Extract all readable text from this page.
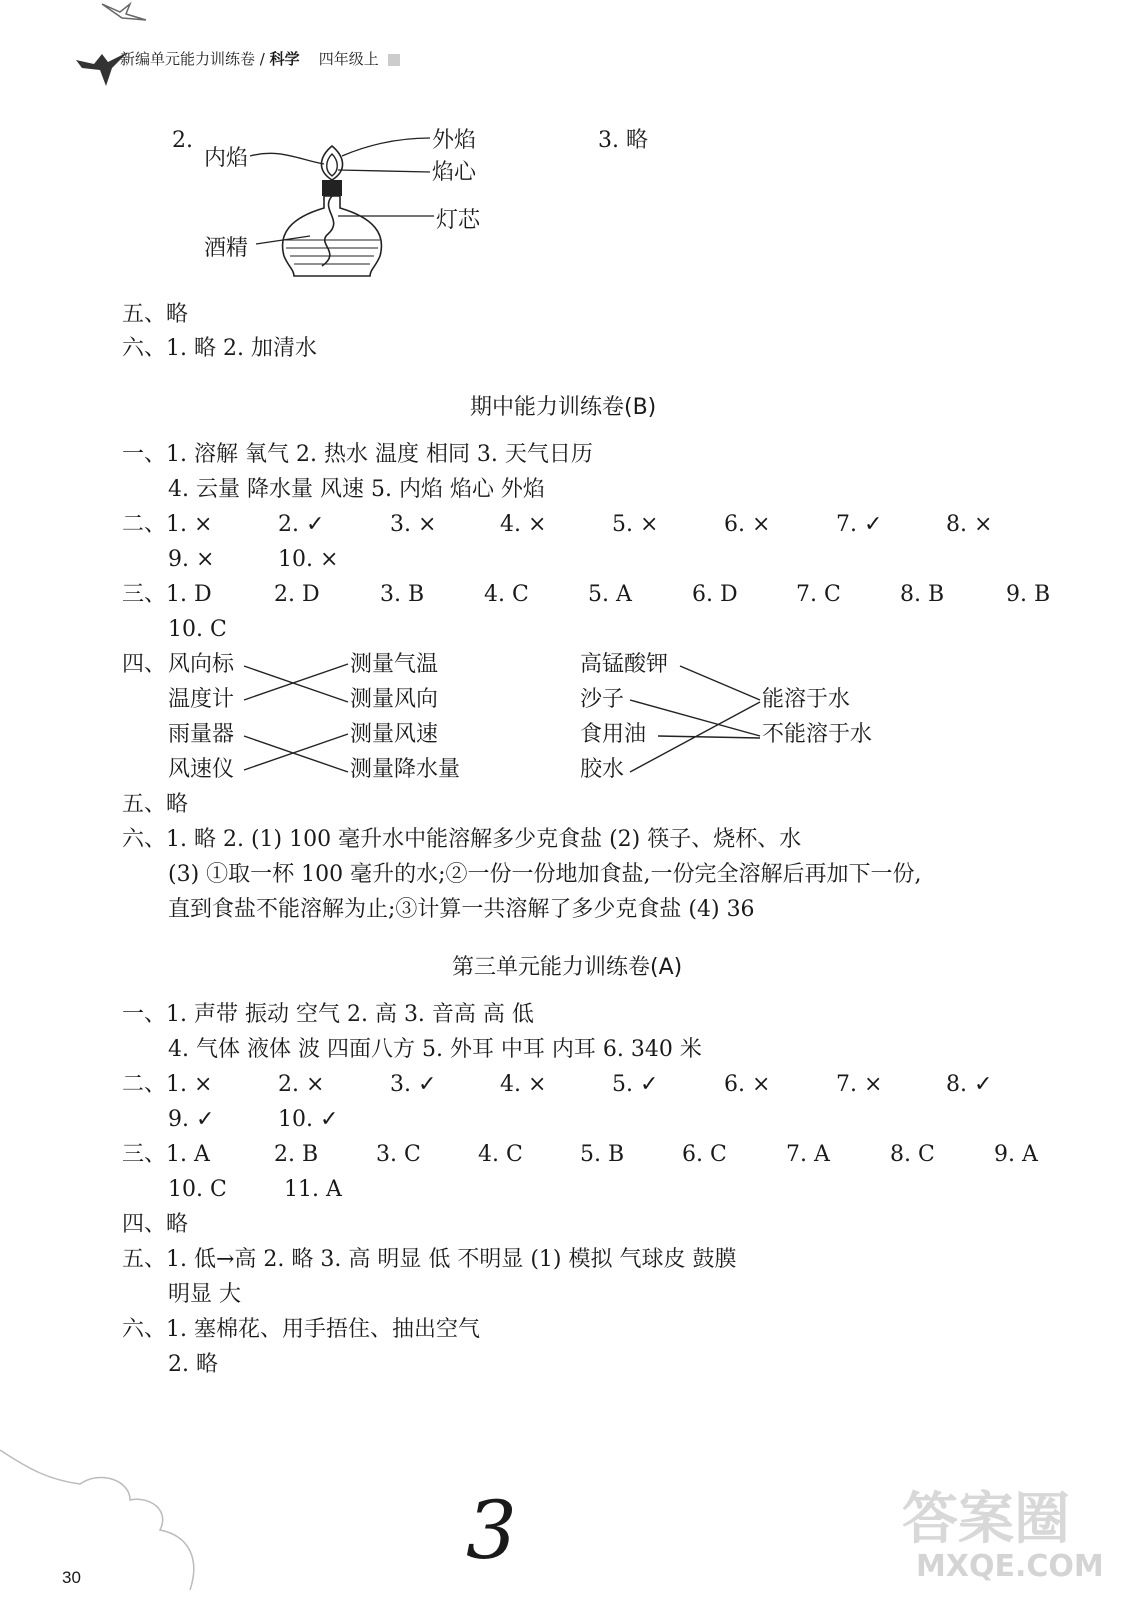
新编单元能力训练卷 / 科学 四年级上
2.
内焰
外焰
焰心
灯芯
酒精
3. 略
五、略
六、1. 略 2. 加清水
期中能力训练卷(B)
一、1. 溶解 氧气 2. 热水 温度 相同 3. 天气日历
4. 云量 降水量 风速 5. 内焰 焰心 外焰
二、1. ×	2. ✓	3. ×	4. ×	5. ×	6. ×	7. ✓	8. ×
9. ×	10. ×
三、1. D	2. D	3. B	4. C	5. A	6. D	7. C	8. B	9. B
10. C
四、 风向标
温度计
雨量器
风速仪
测量气温
测量风向
测量风速
测量降水量
高锰酸钾
沙子
食用油
胶水
能溶于水
不能溶于水
五、略
六、1. 略 2. (1) 100 毫升水中能溶解多少克食盐 (2) 筷子、烧杯、水
(3) ①取一杯 100 毫升的水;②一份一份地加食盐,一份完全溶解后再加下一份,
直到食盐不能溶解为止;③计算一共溶解了多少克食盐 (4) 36
第三单元能力训练卷(A)
一、1. 声带 振动 空气 2. 高 3. 音高 高 低
4. 气体 液体 波 四面八方 5. 外耳 中耳 内耳 6. 340 米
二、1. ×	2. ×	3. ✓	4. ×	5. ✓	6. ×	7. ×	8. ✓
9. ✓	10. ✓
三、1. A	2. B	3. C	4. C	5. B	6. C	7. A	8. C	9. A
10. C	11. A
四、略
五、1. 低→高 2. 略 3. 高 明显 低 不明显 (1) 模拟 气球皮 鼓膜
明显 大
六、1. 塞棉花、用手捂住、抽出空气
2. 略
30
3	答案圈
MXQE.COM
